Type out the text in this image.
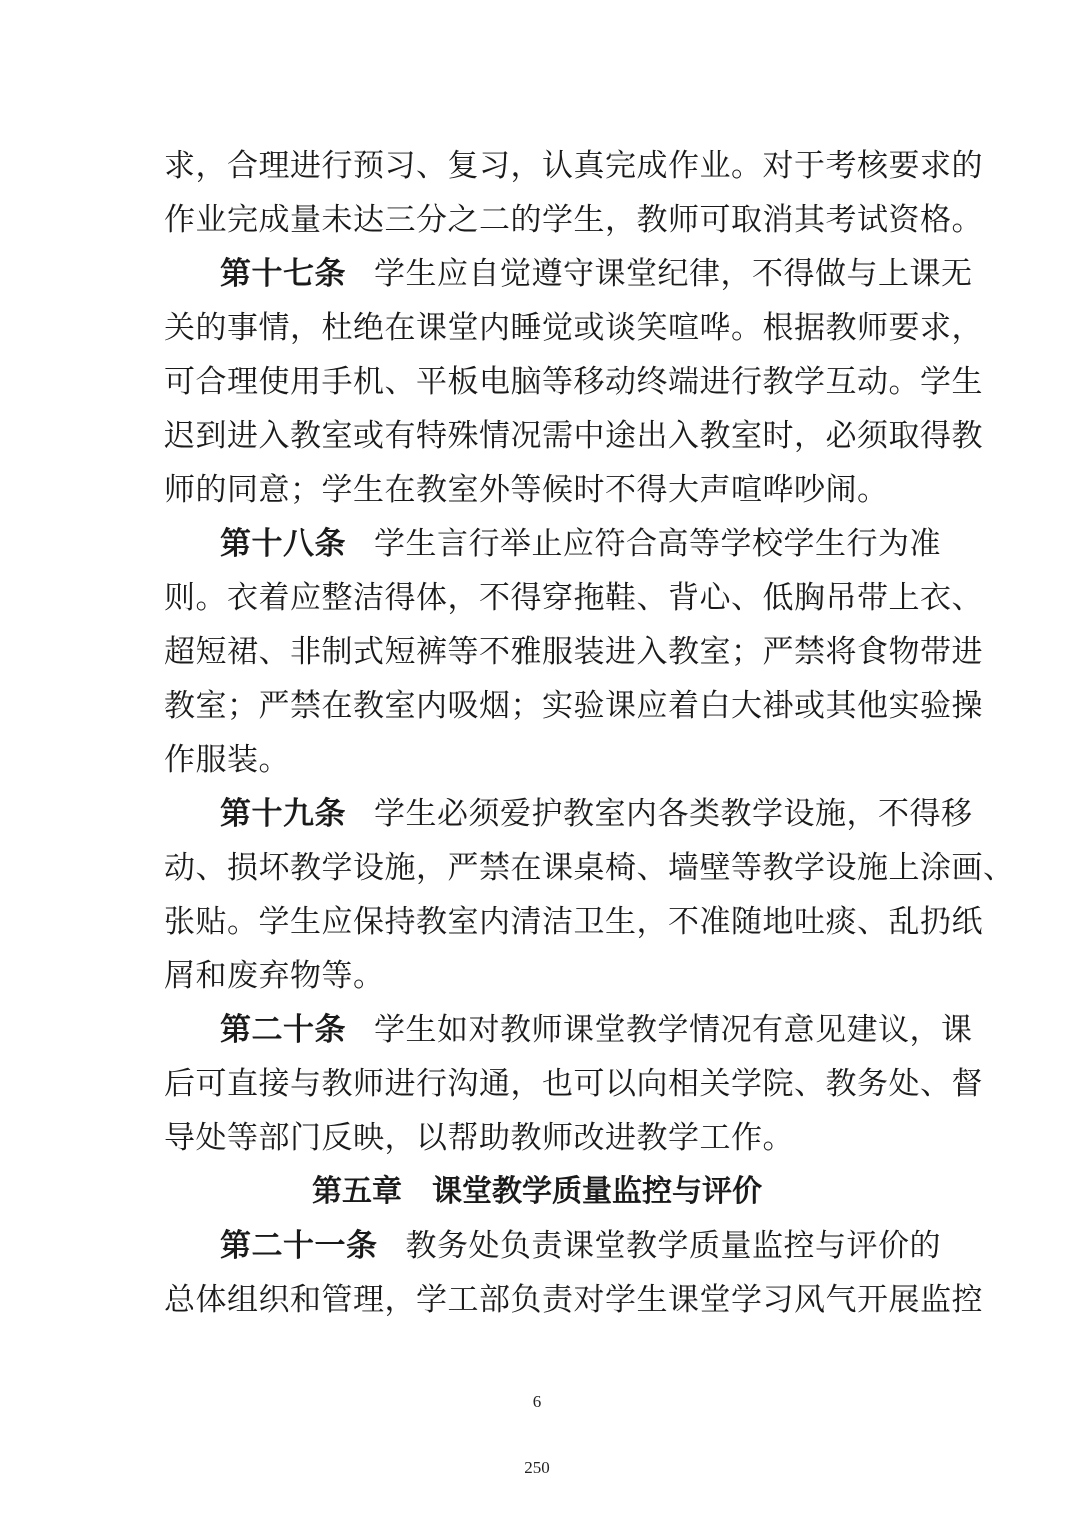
求，合理进行预习、复习，认真完成作业。对于考核要求的
作业完成量未达三分之二的学生，教师可取消其考试资格。
第十七条 学生应自觉遵守课堂纪律，不得做与上课无
关的事情，杜绝在课堂内睡觉或谈笑喧哗。根据教师要求，
可合理使用手机、平板电脑等移动终端进行教学互动。学生
迟到进入教室或有特殊情况需中途出入教室时，必须取得教
师的同意；学生在教室外等候时不得大声喧哗吵闹。
第十八条 学生言行举止应符合高等学校学生行为准
则。衣着应整洁得体，不得穿拖鞋、背心、低胸吊带上衣、
超短裙、非制式短裤等不雅服装进入教室；严禁将食物带进
教室；严禁在教室内吸烟；实验课应着白大褂或其他实验操
作服装。
第十九条 学生必须爱护教室内各类教学设施，不得移
动、损坏教学设施，严禁在课桌椅、墙壁等教学设施上涂画、
张贴。学生应保持教室内清洁卫生，不准随地吐痰、乱扔纸
屑和废弃物等。
第二十条 学生如对教师课堂教学情况有意见建议，课
后可直接与教师进行沟通，也可以向相关学院、教务处、督
导处等部门反映，以帮助教师改进教学工作。
第五章　课堂教学质量监控与评价
第二十一条 教务处负责课堂教学质量监控与评价的
总体组织和管理，学工部负责对学生课堂学习风气开展监控
6
250
